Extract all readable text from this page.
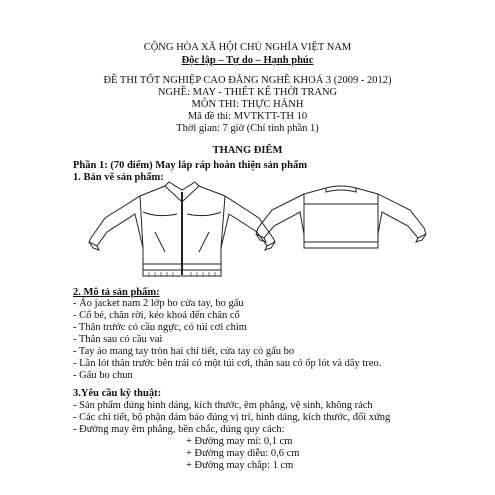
CỘNG HÒA XÃ HỘI CHỦ NGHĨA VIỆT NAM
Độc lập – Tự do – Hạnh phúc
ĐỀ THI TỐT NGHIỆP CAO ĐẲNG NGHỀ KHOÁ 3 (2009 - 2012)
NGHỀ: MAY - THIẾT KẾ THỜI TRANG
MÔN THI: THỰC HÀNH
Mã đề thi: MVTKTT-TH 10
Thời gian: 7 giờ (Chỉ tính phần 1)
THANG ĐIỂM
Phần 1: (70 điểm) May lắp ráp hoàn thiện sản phẩm
1. Bản vẽ sản phẩm:
2. Mô tả sản phẩm:
- Áo jacket nam 2 lớp bo cửa tay, bo gấu
- Cổ bẻ, chân rời, kéo khoá đến chân cổ
- Thân trước có cầu ngực, có túi cơi chìm
- Thân sau có cầu vai
- Tay áo mang tay tròn hai chi tiết, cửa tay có gấu bo
- Lần lót thân trước bên trái có một túi cơi, thân sau có ốp lót và dây treo.
- Gấu bo chun
3.Yêu cầu kỹ thuật:
- Sản phẩm đúng hình dáng, kích thước, êm phẳng, vệ sinh, không rách
- Các chi tiết, bộ phận đảm bảo đúng vị trí, hình dáng, kích thước, đối xứng
- Đường may êm phẳng, bền chắc, đúng quy cách:
+ Đường may mí: 0,1 cm
+ Đường may diễu: 0,6 cm
+ Đường may chắp: 1 cm
